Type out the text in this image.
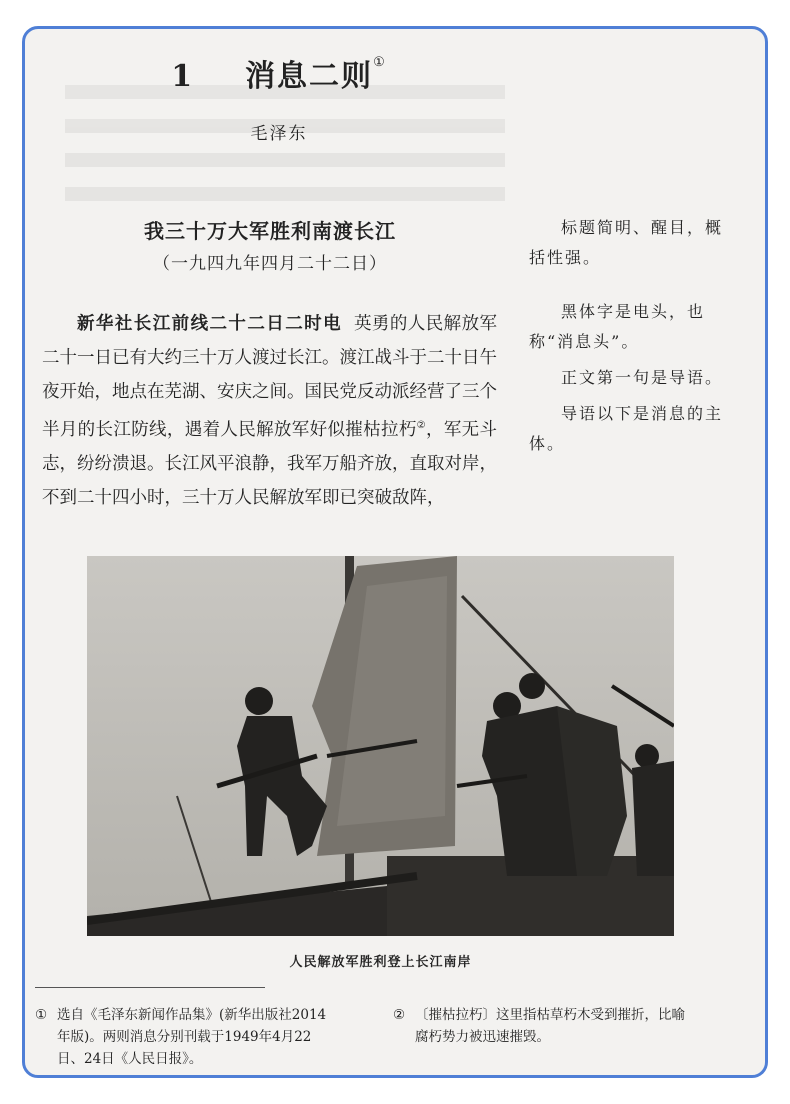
1 消息二则①
毛泽东
我三十万大军胜利南渡长江
（一九四九年四月二十二日）

新华社长江前线二十二日二时电 英勇的人民解放军二十一日已有大约三十万人渡过长江。渡江战斗于二十日午夜开始，地点在芜湖、安庆之间。国民党反动派经营了三个半月的长江防线，遇着人民解放军好似摧枯拉朽②，军无斗志，纷纷溃退。长江风平浪静，我军万船齐放，直取对岸，不到二十四小时，三十万人民解放军即已突破敌阵，

标题简明、醒目，概括性强。

黑体字是电头，也称“消息头”。

正文第一句是导语。

导语以下是消息的主体。

人民解放军胜利登上长江南岸
① 选自《毛泽东新闻作品集》(新华出版社2014
年版)。两则消息分别刊载于1949年4月22
日、24日《人民日报》。
② 〔摧枯拉朽〕这里指枯草朽木受到摧折，比喻
腐朽势力被迅速摧毁。
